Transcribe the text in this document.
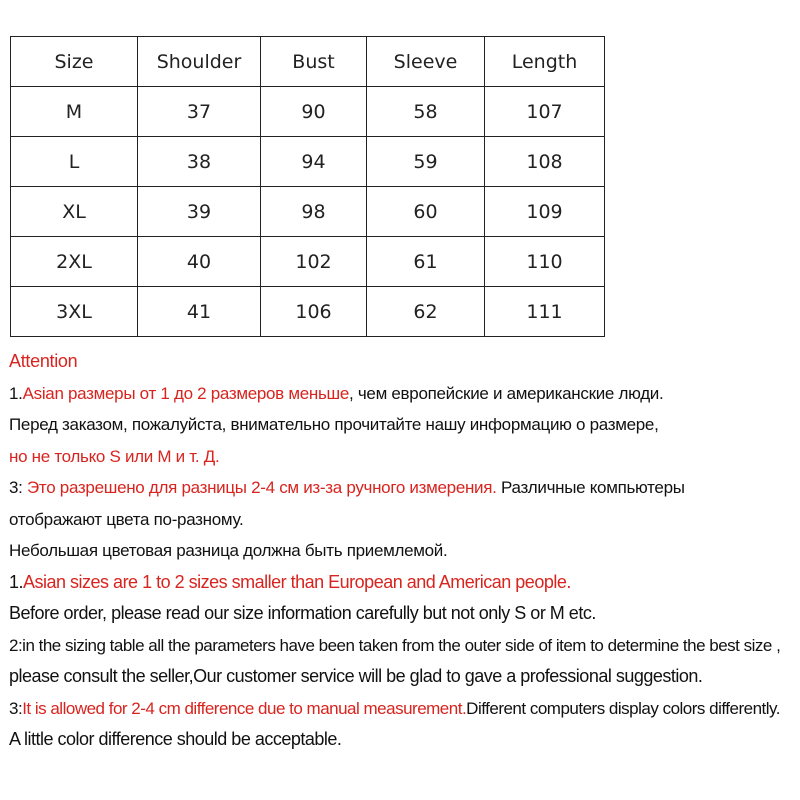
Size	Shoulder	Bust	Sleeve	Length
M	37	90	58	107
L	38	94	59	108
XL	39	98	60	109
2XL	40	102	61	110
3XL	41	106	62	111
Attention
1.Asian размеры от 1 до 2 размеров меньше, чем европейские и американские люди.
Перед заказом, пожалуйста, внимательно прочитайте нашу информацию о размере,
но не только S или M и т. Д.
3: Это разрешено для разницы 2-4 см из-за ручного измерения. Различные компьютеры
отображают цвета по-разному.
Небольшая цветовая разница должна быть приемлемой.
1.Asian sizes are 1 to 2 sizes smaller than European and American people.
Before order, please read our size information carefully but not only S or M etc.
2:in the sizing table all the parameters have been taken from the outer side of item to determine the best size ,
please consult the seller,Our customer service will be glad to gave a professional suggestion.
3:It is allowed for 2-4 cm difference due to manual measurement.Different computers display colors differently.
A little color difference should be acceptable.
